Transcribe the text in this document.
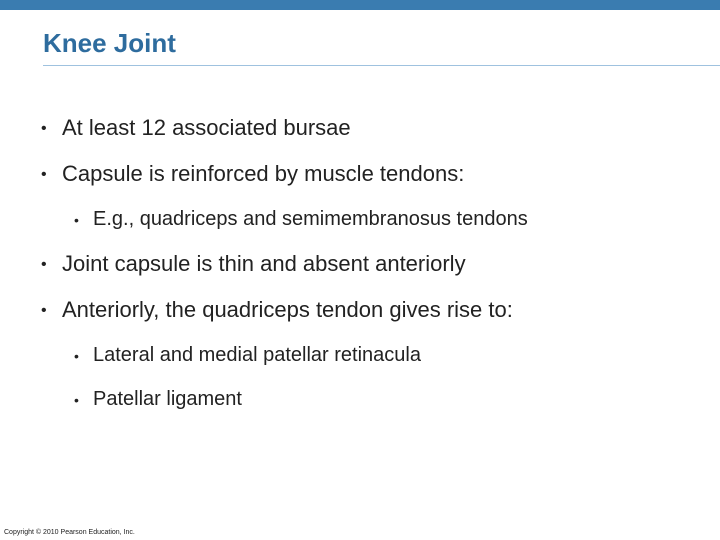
Knee Joint
• At least 12 associated bursae
• Capsule is reinforced by muscle tendons:
• E.g., quadriceps and semimembranosus tendons
• Joint capsule is thin and absent anteriorly
• Anteriorly, the quadriceps tendon gives rise to:
• Lateral and medial patellar retinacula
• Patellar ligament
Copyright © 2010 Pearson Education, Inc.
